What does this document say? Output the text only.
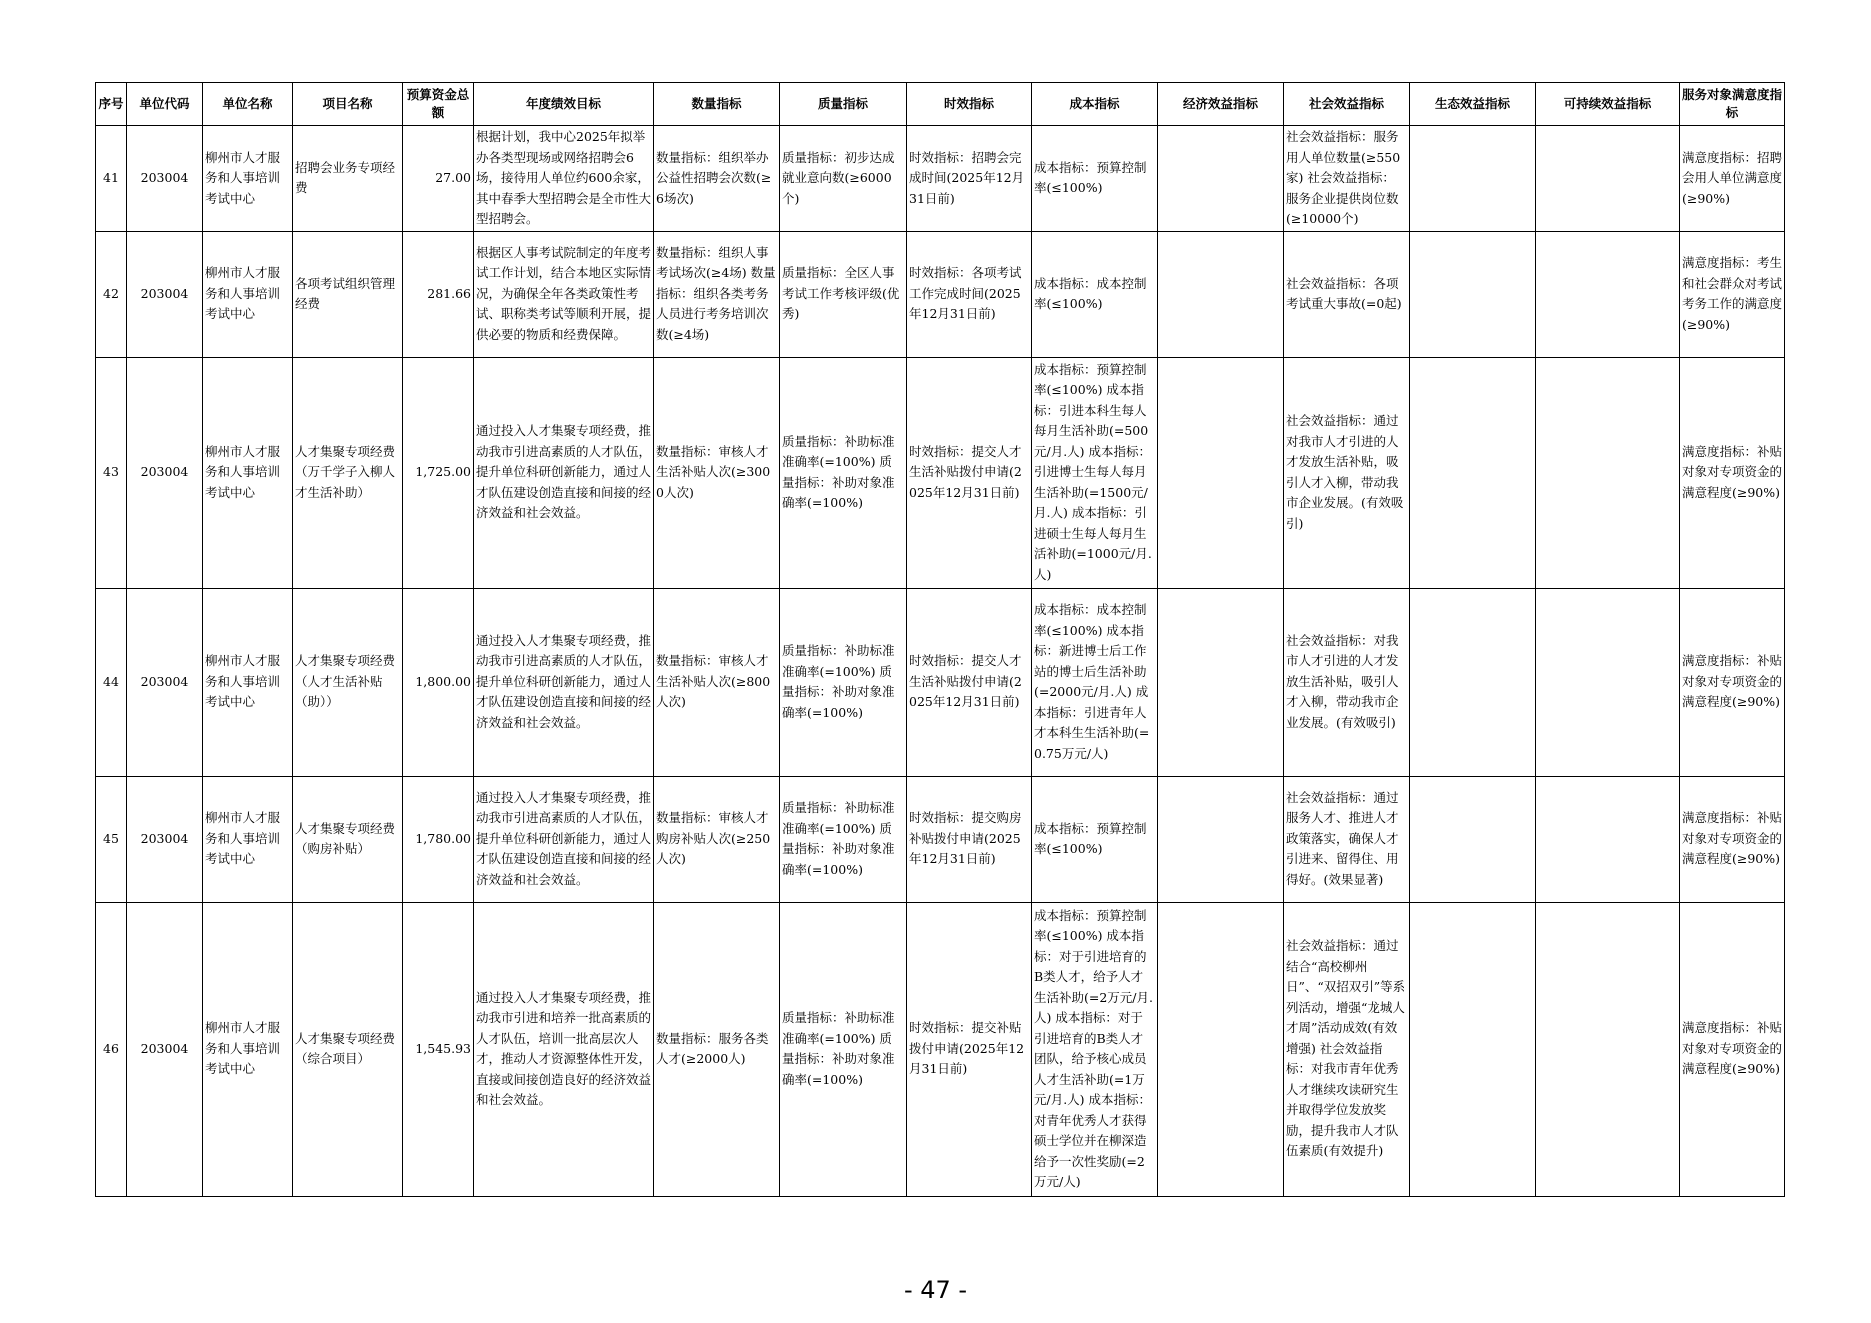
序号	单位代码	单位名称	项目名称	预算资金总额	年度绩效目标	数量指标	质量指标	时效指标	成本指标	经济效益指标	社会效益指标	生态效益指标	可持续效益指标	服务对象满意度指标
41	203004	柳州市人才服务和人事培训考试中心	招聘会业务专项经费	27.00	根据计划，我中心2025年拟举办各类型现场或网络招聘会6场，接待用人单位约600余家，其中春季大型招聘会是全市性大型招聘会。	数量指标：组织举办公益性招聘会次数(≥6场次)	质量指标：初步达成就业意向数(≥6000个)	时效指标：招聘会完成时间(2025年12月31日前)	成本指标：预算控制率(≤100%)		社会效益指标：服务用人单位数量(≥550家) 社会效益指标：服务企业提供岗位数(≥10000个)			满意度指标：招聘会用人单位满意度(≥90%)
42	203004	柳州市人才服务和人事培训考试中心	各项考试组织管理经费	281.66	根据区人事考试院制定的年度考试工作计划，结合本地区实际情况，为确保全年各类政策性考试、职称类考试等顺利开展，提供必要的物质和经费保障。	数量指标：组织人事考试场次(≥4场) 数量指标：组织各类考务人员进行考务培训次数(≥4场)	质量指标：全区人事考试工作考核评级(优秀)	时效指标：各项考试工作完成时间(2025年12月31日前)	成本指标：成本控制率(≤100%)		社会效益指标：各项考试重大事故(=0起)			满意度指标：考生和社会群众对考试考务工作的满意度(≥90%)
43	203004	柳州市人才服务和人事培训考试中心	人才集聚专项经费（万千学子入柳人才生活补助）	1,725.00	通过投入人才集聚专项经费，推动我市引进高素质的人才队伍，提升单位科研创新能力，通过人才队伍建设创造直接和间接的经济效益和社会效益。	数量指标：审核人才生活补贴人次(≥3000人次)	质量指标：补助标准准确率(=100%) 质量指标：补助对象准确率(=100%)	时效指标：提交人才生活补贴拨付申请(2025年12月31日前)	成本指标：预算控制率(≤100%) 成本指标：引进本科生每人每月生活补助(=500元/月.人) 成本指标：引进博士生每人每月生活补助(=1500元/月.人) 成本指标：引进硕士生每人每月生活补助(=1000元/月.人)		社会效益指标：通过对我市人才引进的人才发放生活补贴，吸引人才入柳，带动我市企业发展。(有效吸引)			满意度指标：补贴对象对专项资金的满意程度(≥90%)
44	203004	柳州市人才服务和人事培训考试中心	人才集聚专项经费（人才生活补贴（助））	1,800.00	通过投入人才集聚专项经费，推动我市引进高素质的人才队伍，提升单位科研创新能力，通过人才队伍建设创造直接和间接的经济效益和社会效益。	数量指标：审核人才生活补贴人次(≥800人次)	质量指标：补助标准准确率(=100%) 质量指标：补助对象准确率(=100%)	时效指标：提交人才生活补贴拨付申请(2025年12月31日前)	成本指标：成本控制率(≤100%) 成本指标：新进博士后工作站的博士后生活补助(=2000元/月.人) 成本指标：引进青年人才本科生生活补助(=0.75万元/人)		社会效益指标：对我市人才引进的人才发放生活补贴，吸引人才入柳，带动我市企业发展。(有效吸引)			满意度指标：补贴对象对专项资金的满意程度(≥90%)
45	203004	柳州市人才服务和人事培训考试中心	人才集聚专项经费（购房补贴）	1,780.00	通过投入人才集聚专项经费，推动我市引进高素质的人才队伍，提升单位科研创新能力，通过人才队伍建设创造直接和间接的经济效益和社会效益。	数量指标：审核人才购房补贴人次(≥250人次)	质量指标：补助标准准确率(=100%) 质量指标：补助对象准确率(=100%)	时效指标：提交购房补贴拨付申请(2025年12月31日前)	成本指标：预算控制率(≤100%)		社会效益指标：通过服务人才、推进人才政策落实，确保人才引进来、留得住、用得好。(效果显著)			满意度指标：补贴对象对专项资金的满意程度(≥90%)
46	203004	柳州市人才服务和人事培训考试中心	人才集聚专项经费（综合项目）	1,545.93	通过投入人才集聚专项经费，推动我市引进和培养一批高素质的人才队伍，培训一批高层次人才，推动人才资源整体性开发，直接或间接创造良好的经济效益和社会效益。	数量指标：服务各类人才(≥2000人)	质量指标：补助标准准确率(=100%) 质量指标：补助对象准确率(=100%)	时效指标：提交补贴拨付申请(2025年12月31日前)	成本指标：预算控制率(≤100%) 成本指标：对于引进培育的B类人才，给予人才生活补助(=2万元/月.人) 成本指标：对于引进培育的B类人才团队，给予核心成员人才生活补助(=1万元/月.人) 成本指标：对青年优秀人才获得硕士学位并在柳深造给予一次性奖励(=2万元/人)		社会效益指标：通过结合“高校柳州日”、“双招双引”等系列活动，增强“龙城人才周”活动成效(有效增强) 社会效益指标：对我市青年优秀人才继续攻读研究生并取得学位发放奖励，提升我市人才队伍素质(有效提升)			满意度指标：补贴对象对专项资金的满意程度(≥90%)
- 47 -
